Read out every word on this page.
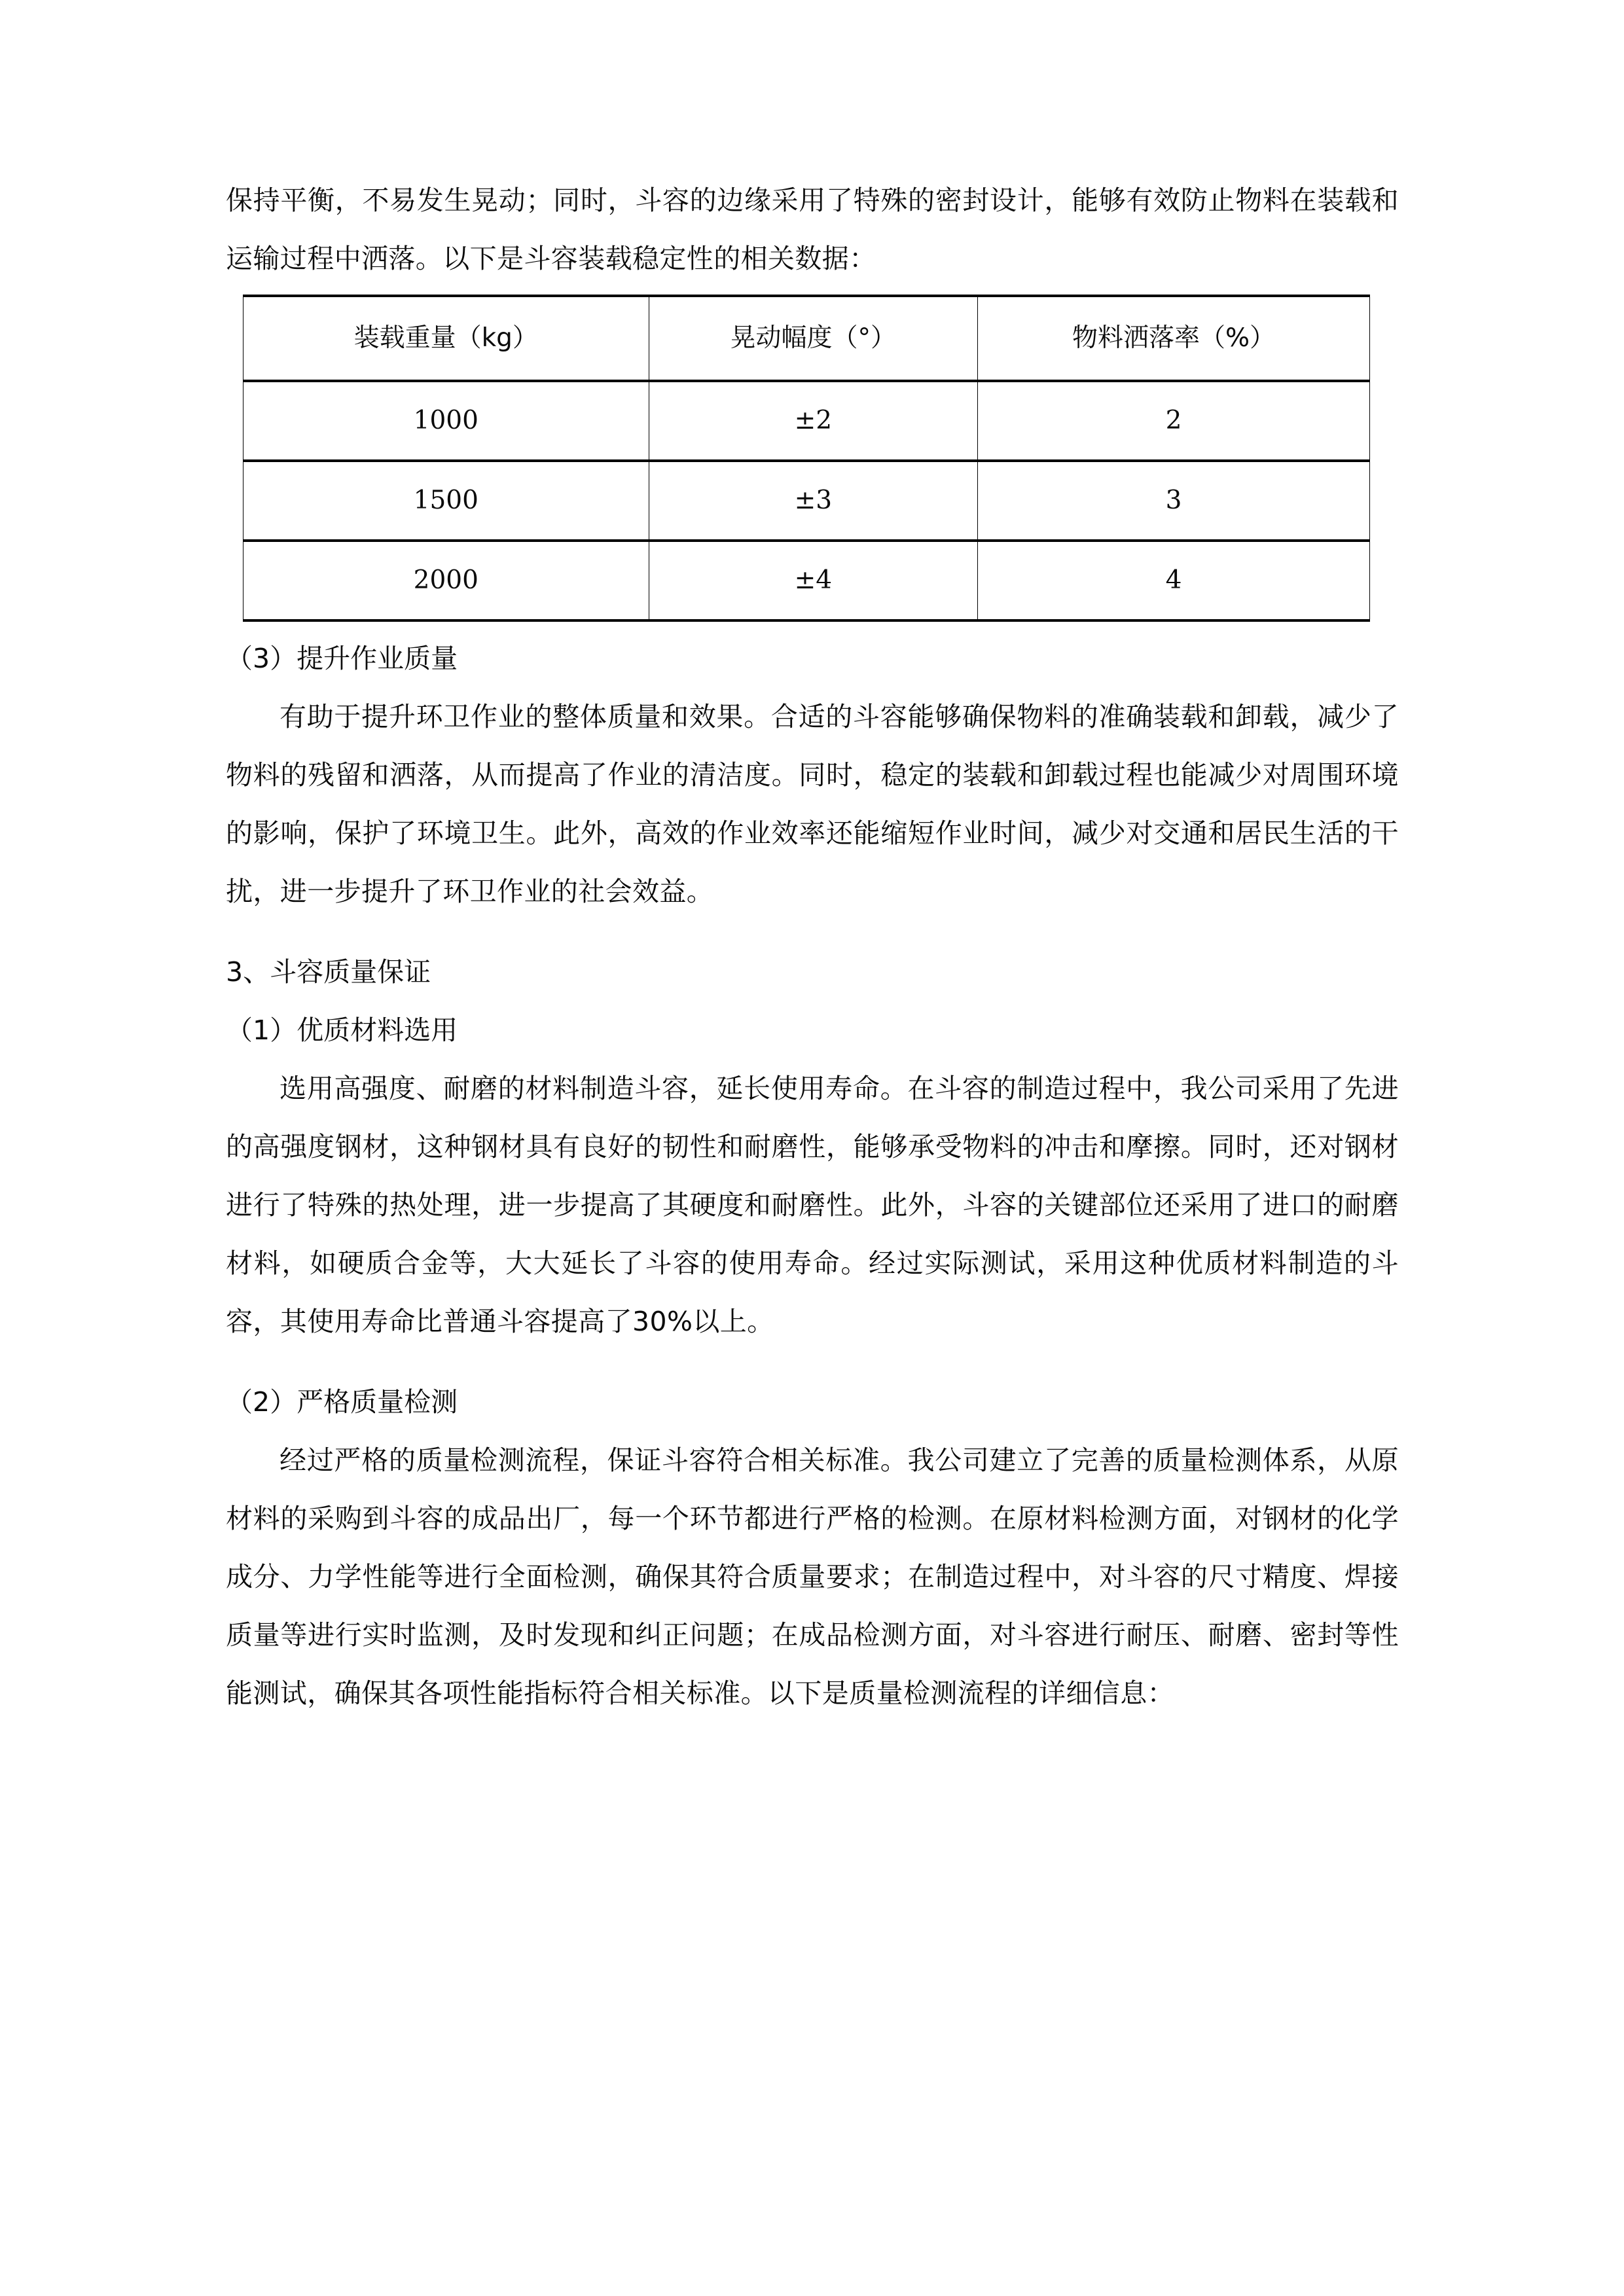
保持平衡，不易发生晃动；同时，斗容的边缘采用了特殊的密封设计，能够有效防止物料在装载和运输过程中洒落。以下是斗容装载稳定性的相关数据：

装载重量（kg）	晃动幅度（°）	物料洒落率（%）
1000	±2	2
1500	±3	3
2000	±4	4
（3）提升作业质量

有助于提升环卫作业的整体质量和效果。合适的斗容能够确保物料的准确装载和卸载，减少了物料的残留和洒落，从而提高了作业的清洁度。同时，稳定的装载和卸载过程也能减少对周围环境的影响，保护了环境卫生。此外，高效的作业效率还能缩短作业时间，减少对交通和居民生活的干扰，进一步提升了环卫作业的社会效益。

3、斗容质量保证
（1）优质材料选用

选用高强度、耐磨的材料制造斗容，延长使用寿命。在斗容的制造过程中，我公司采用了先进的高强度钢材，这种钢材具有良好的韧性和耐磨性，能够承受物料的冲击和摩擦。同时，还对钢材进行了特殊的热处理，进一步提高了其硬度和耐磨性。此外，斗容的关键部位还采用了进口的耐磨材料，如硬质合金等，大大延长了斗容的使用寿命。经过实际测试，采用这种优质材料制造的斗容，其使用寿命比普通斗容提高了30%以上。

（2）严格质量检测

经过严格的质量检测流程，保证斗容符合相关标准。我公司建立了完善的质量检测体系，从原材料的采购到斗容的成品出厂，每一个环节都进行严格的检测。在原材料检测方面，对钢材的化学成分、力学性能等进行全面检测，确保其符合质量要求；在制造过程中，对斗容的尺寸精度、焊接质量等进行实时监测，及时发现和纠正问题；在成品检测方面，对斗容进行耐压、耐磨、密封等性能测试，确保其各项性能指标符合相关标准。以下是质量检测流程的详细信息：
